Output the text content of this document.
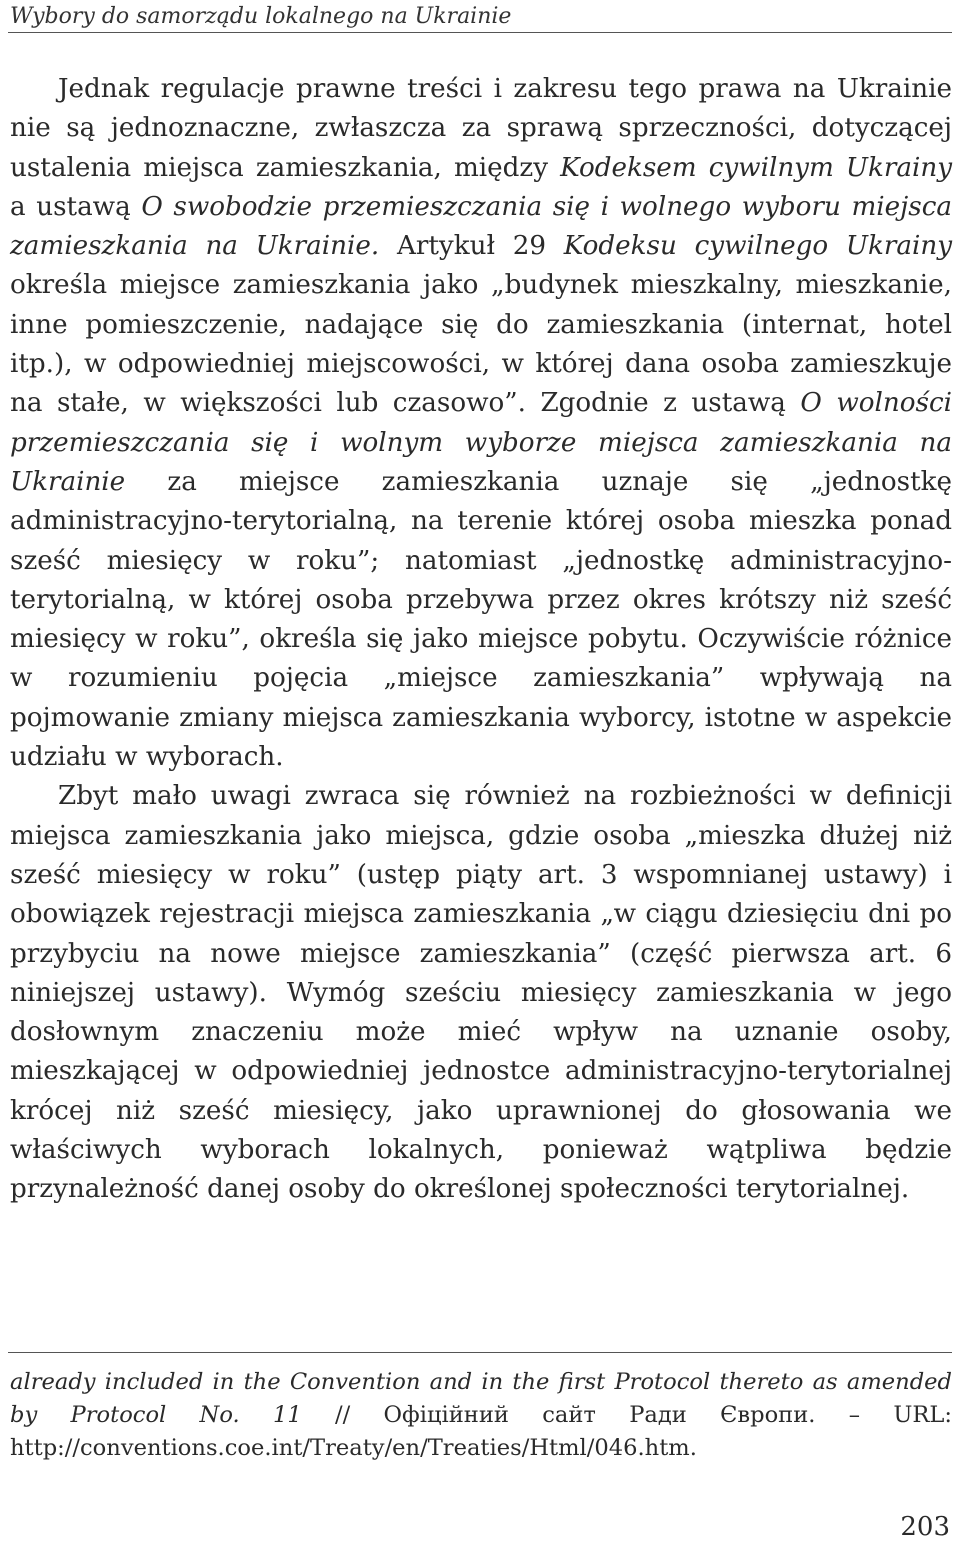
Wybory do samorządu lokalnego na Ukrainie

Jednak regulacje prawne treści i zakresu tego prawa na Ukrainie nie są jednoznaczne, zwłaszcza za sprawą sprzeczności, dotyczącej ustalenia miejsca zamieszkania, między Kodeksem cywilnym Ukrainy a ustawą O swobodzie przemieszczania się i wolnego wyboru miejsca zamieszkania na Ukrainie. Artykuł 29 Kodeksu cywilnego Ukrainy określa miejsce zamieszkania jako „budynek mieszkalny, mieszkanie, inne pomieszczenie, nadające się do zamieszkania (internat, hotel itp.), w odpowiedniej miejscowości, w której dana osoba zamieszkuje na stałe, w większości lub czasowo”. Zgodnie z ustawą O wolności przemieszczania się i wolnym wyborze miejsca zamieszkania na Ukrainie za miejsce zamieszkania uznaje się „jednostkę administracyjno-terytorialną, na terenie której osoba mieszka ponad sześć miesięcy w roku”; natomiast „jednostkę administracyjno-terytorialną, w której osoba przebywa przez okres krótszy niż sześć miesięcy w roku”, określa się jako miejsce pobytu. Oczywiście różnice w rozumieniu pojęcia „miejsce zamieszkania” wpływają na pojmowanie zmiany miejsca zamieszkania wyborcy, istotne w aspekcie udziału w wyborach.

Zbyt mało uwagi zwraca się również na rozbieżności w definicji miejsca zamieszkania jako miejsca, gdzie osoba „mieszka dłużej niż sześć miesięcy w roku” (ustęp piąty art. 3 wspomnianej ustawy) i obowiązek rejestracji miejsca zamieszkania „w ciągu dziesięciu dni po przybyciu na nowe miejsce zamieszkania” (część pierwsza art. 6 niniejszej ustawy). Wymóg sześciu miesięcy zamieszkania w jego dosłownym znaczeniu może mieć wpływ na uznanie osoby, mieszkającej w odpowiedniej jednostce administracyjno-terytorialnej krócej niż sześć miesięcy, jako uprawnionej do głosowania we właściwych wyborach lokalnych, ponieważ wątpliwa będzie przynależność danej osoby do określonej społeczności terytorialnej.

already included in the Convention and in the first Protocol thereto as amended by Protocol No. 11 // Офіційний сайт Ради Європи. – URL: http://conventions.coe.int/Treaty/en/Treaties/Html/046.htm.
203
